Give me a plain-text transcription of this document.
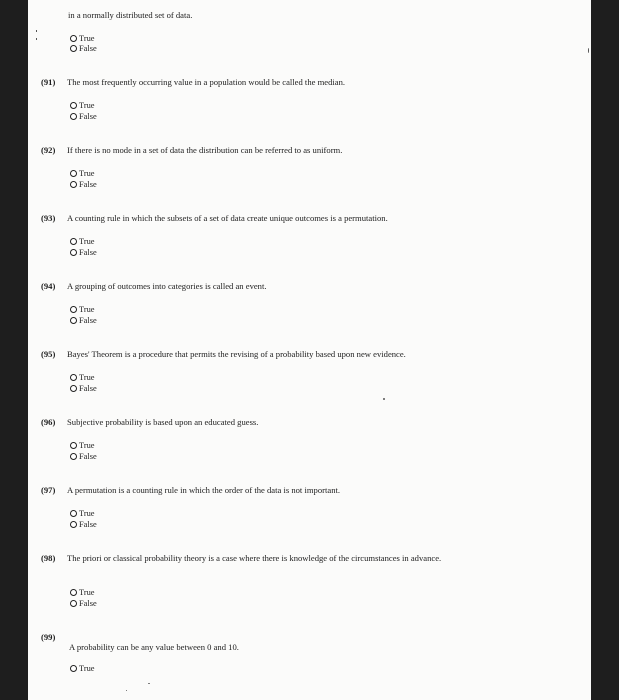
in a normally distributed set of data.
True
False
(91) The most frequently occurring value in a population would be called the median.
True
False
(92) If there is no mode in a set of data the distribution can be referred to as uniform.
True
False
(93) A counting rule in which the subsets of a set of data create unique outcomes is a permutation.
True
False
(94) A grouping of outcomes into categories is called an event.
True
False
(95) Bayes' Theorem is a procedure that permits the revising of a probability based upon new evidence.
True
False
(96) Subjective probability is based upon an educated guess.
True
False
(97) A permutation is a counting rule in which the order of the data is not important.
True
False
(98) The priori or classical probability theory is a case where there is knowledge of the circumstances in advance.
True
False
(99)
A probability can be any value between 0 and 10.
True
